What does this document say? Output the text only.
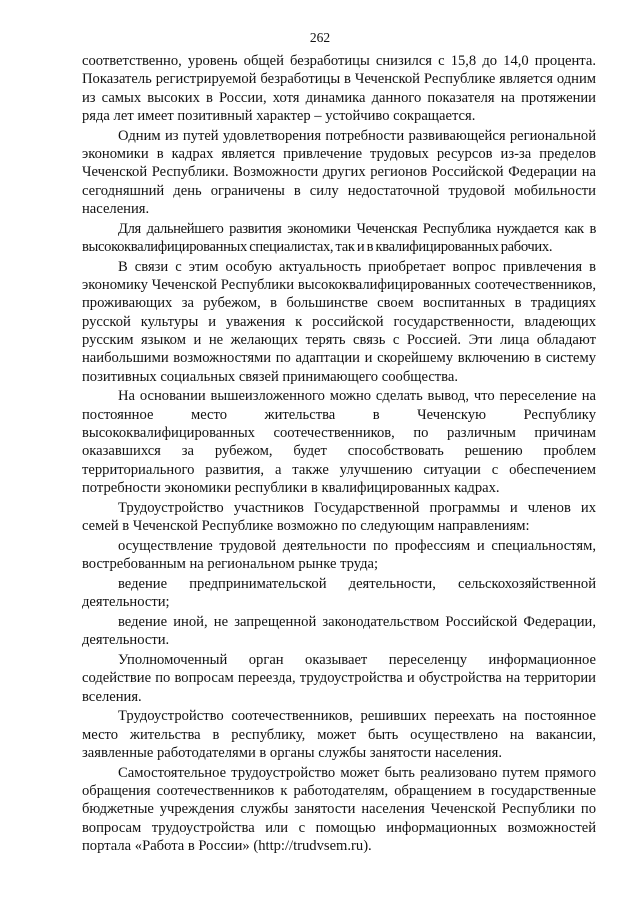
262

соответственно, уровень общей безработицы снизился с 15,8 до 14,0 процента. Показатель регистрируемой безработицы в Чеченской Республике является одним из самых высоких в России, хотя динамика данного показателя на протяжении ряда лет имеет позитивный характер – устойчиво сокращается.

Одним из путей удовлетворения потребности развивающейся региональной экономики в кадрах является привлечение трудовых ресурсов из-за пределов Чеченской Республики. Возможности других регионов Российской Федерации на сегодняшний день ограничены в силу недостаточной трудовой мобильности населения.

Для дальнейшего развития экономики Чеченская Республика нуждается как в высококвалифицированных специалистах, так и в квалифицированных рабочих.

В связи с этим особую актуальность приобретает вопрос привлечения в экономику Чеченской Республики высококвалифицированных соотечественников, проживающих за рубежом, в большинстве своем воспитанных в традициях русской культуры и уважения к российской государственности, владеющих русским языком и не желающих терять связь с Россией. Эти лица обладают наибольшими возможностями по адаптации и скорейшему включению в систему позитивных социальных связей принимающего сообщества.

На основании вышеизложенного можно сделать вывод, что переселение на постоянное место жительства в Чеченскую Республику высококвалифицированных соотечественников, по различным причинам оказавшихся за рубежом, будет способствовать решению проблем территориального развития, а также улучшению ситуации с обеспечением потребности экономики республики в квалифицированных кадрах.

Трудоустройство участников Государственной программы и членов их семей в Чеченской Республике возможно по следующим направлениям:

осуществление трудовой деятельности по профессиям и специальностям, востребованным на региональном рынке труда;

ведение предпринимательской деятельности, сельскохозяйственной деятельности;

ведение иной, не запрещенной законодательством Российской Федерации, деятельности.

Уполномоченный орган оказывает переселенцу информационное содействие по вопросам переезда, трудоустройства и обустройства на территории вселения.

Трудоустройство соотечественников, решивших переехать на постоянное место жительства в республику, может быть осуществлено на вакансии, заявленные работодателями в органы службы занятости населения.

Самостоятельное трудоустройство может быть реализовано путем прямого обращения соотечественников к работодателям, обращением в государственные бюджетные учреждения службы занятости населения Чеченской Республики по вопросам трудоустройства или с помощью информационных возможностей портала «Работа в России» (http://trudvsem.ru).
